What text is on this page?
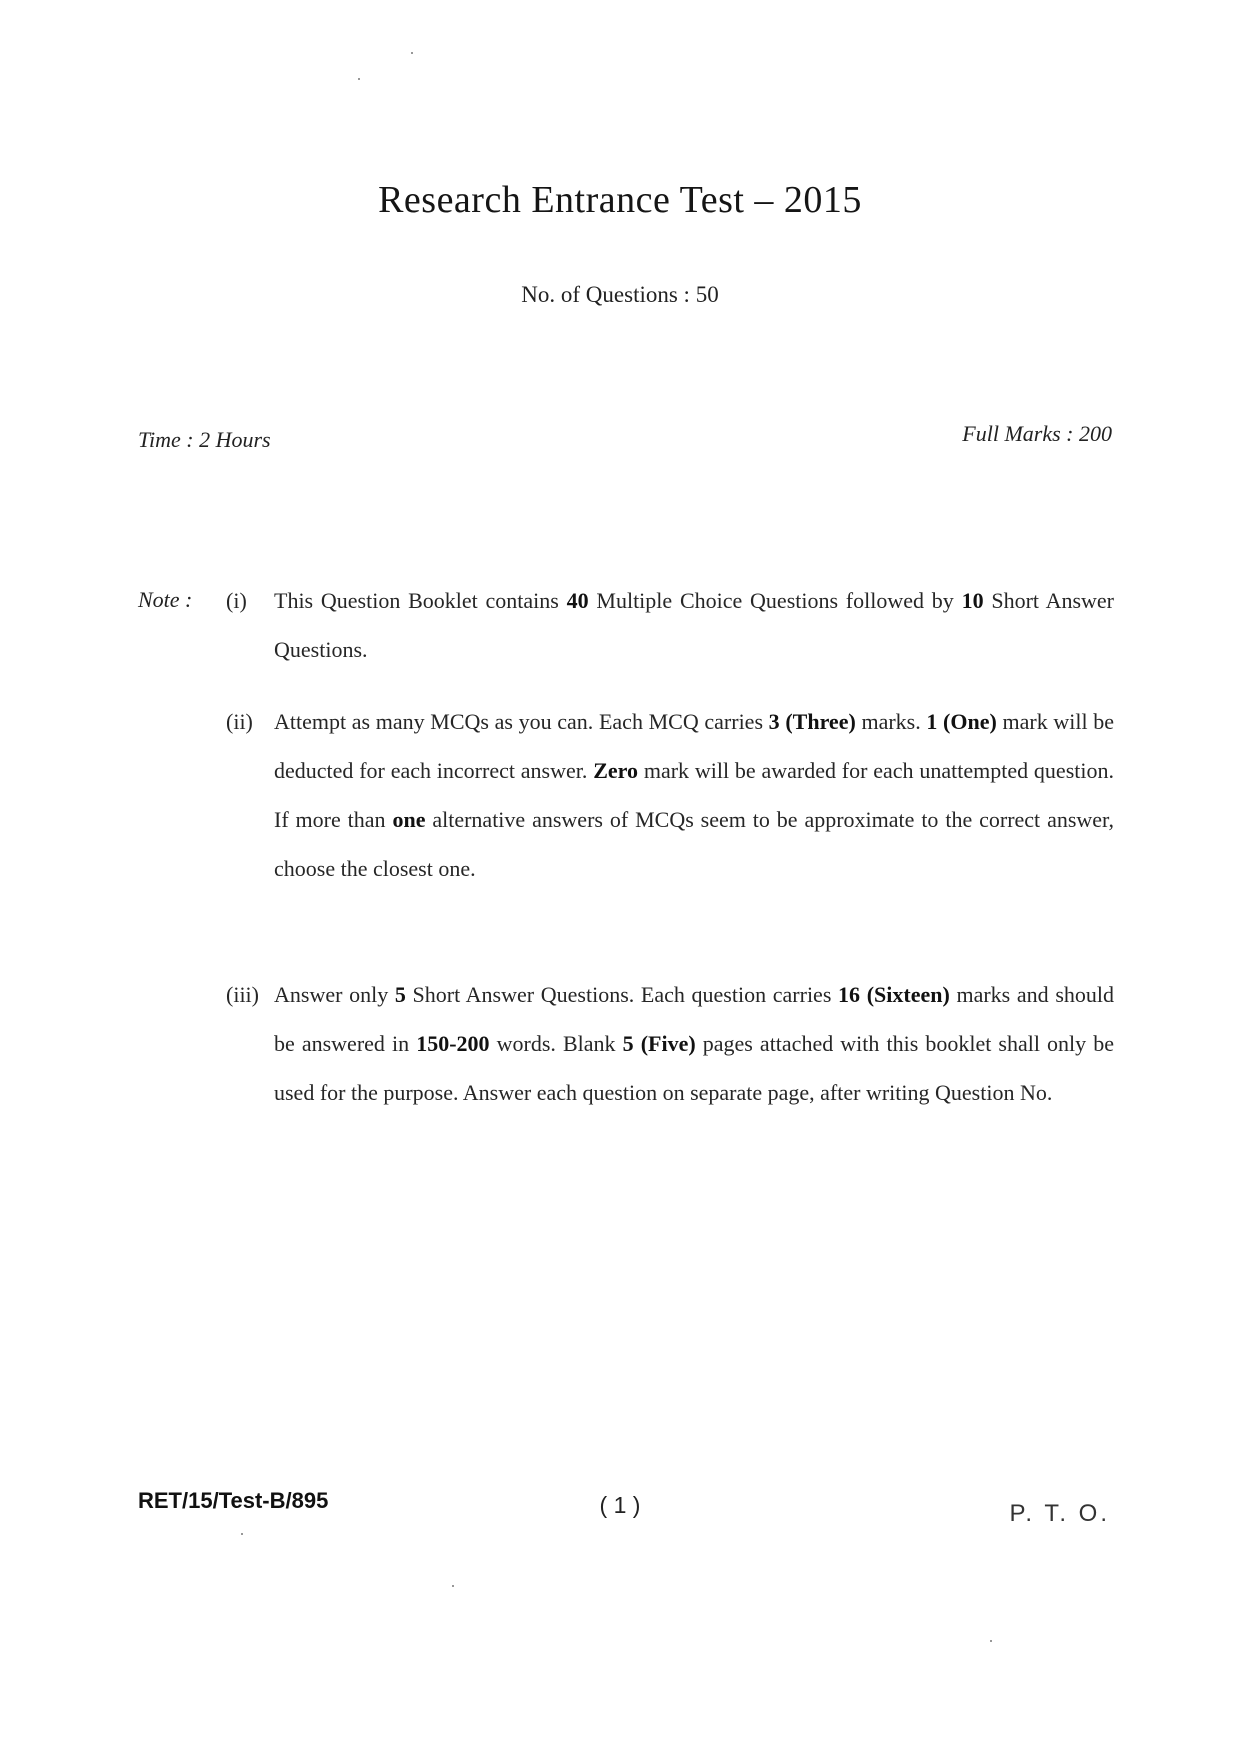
Research Entrance Test – 2015
No. of Questions : 50
Time : 2 Hours	Full Marks : 200
Note : (i)	This Question Booklet contains 40 Multiple Choice Questions followed by 10 Short Answer Questions.
(ii) Attempt as many MCQs as you can. Each MCQ carries 3 (Three) marks. 1 (One) mark will be deducted for each incorrect answer. Zero mark will be awarded for each unattempted question. If more than one alternative answers of MCQs seem to be approximate to the correct answer, choose the closest one.
(iii) Answer only 5 Short Answer Questions. Each question carries 16 (Sixteen) marks and should be answered in 150-200 words. Blank 5 (Five) pages attached with this booklet shall only be used for the purpose. Answer each question on separate page, after writing Question No.
RET/15/Test-B/895	( 1 )	P. T. O.
